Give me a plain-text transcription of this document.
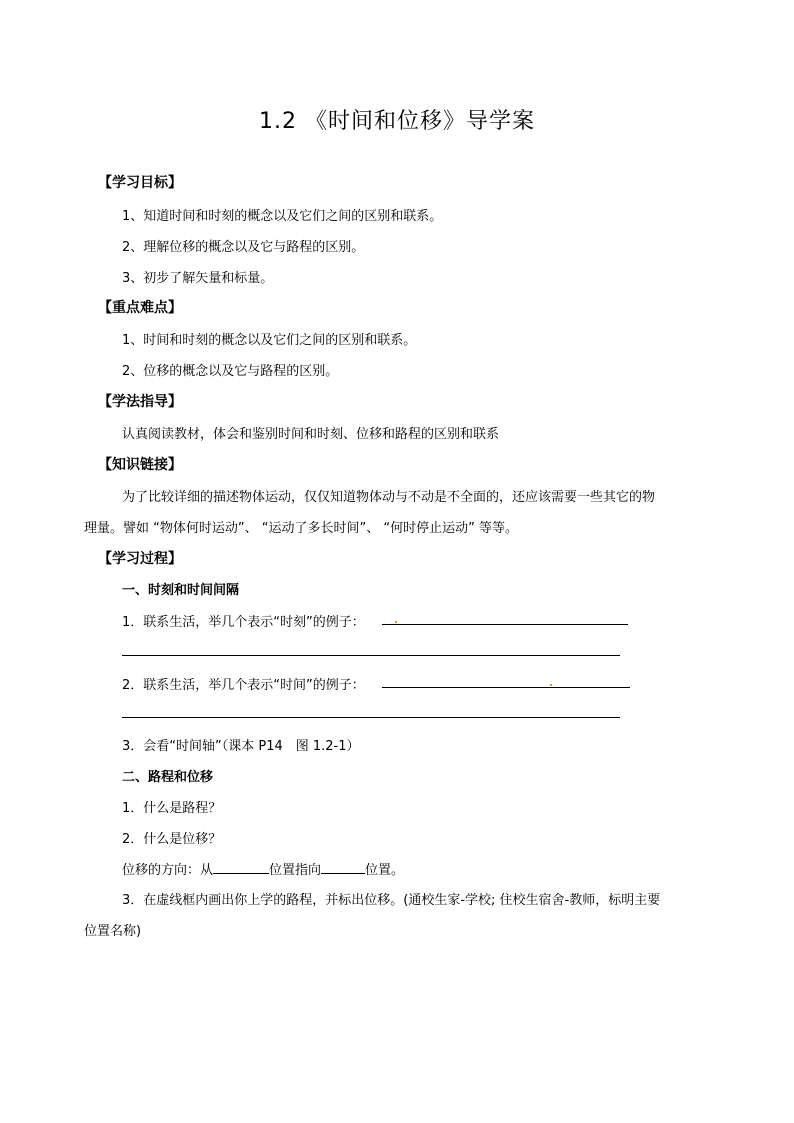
1.2 《时间和位移》导学案
【学习目标】
1、知道时间和时刻的概念以及它们之间的区别和联系。
2、理解位移的概念以及它与路程的区别。
3、初步了解矢量和标量。
【重点难点】
1、时间和时刻的概念以及它们之间的区别和联系。
2、位移的概念以及它与路程的区别。
【学法指导】
认真阅读教材，体会和鉴别时间和时刻、位移和路程的区别和联系
【知识链接】
为了比较详细的描述物体运动，仅仅知道物体动与不动是不全面的，还应该需要一些其它的物
理量。譬如 “物体何时运动”、 “运动了多长时间”、 “何时停止运动” 等等。
【学习过程】
一、时刻和时间间隔
1．联系生活，举几个表示“时刻”的例子：
2．联系生活，举几个表示“时间”的例子：
3．会看“时间轴”（课本 P14　图 1.2-1）
二、路程和位移
1．什么是路程？
2．什么是位移？
位移的方向：从	位置指向	位置。
3．在虚线框内画出你上学的路程，并标出位移。(通校生家-学校; 住校生宿舍-教师，标明主要
位置名称)
